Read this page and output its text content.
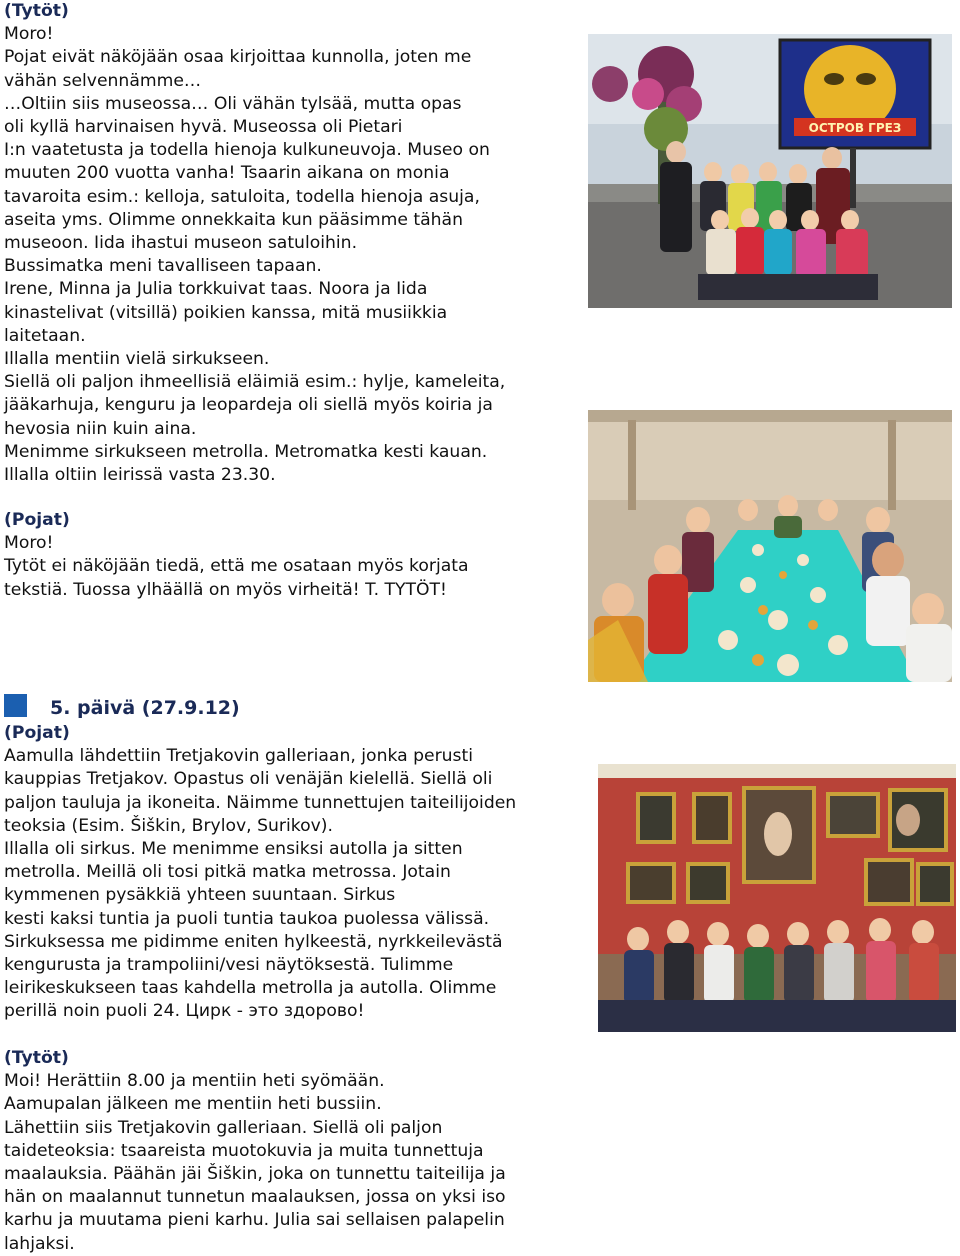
(Tytöt)

Moro!

Pojat eivät näköjään osaa kirjoittaa kunnolla, joten me

vähän selvennämme…

…Oltiin siis museossa… Oli vähän tylsää, mutta opas

oli kyllä harvinaisen hyvä. Museossa oli Pietari

I:n vaatetusta ja todella hienoja kulkuneuvoja. Museo on

muuten 200 vuotta vanha! Tsaarin aikana on monia

tavaroita esim.: kelloja, satuloita, todella hienoja asuja,

aseita yms. Olimme onnekkaita kun pääsimme tähän

museoon. Iida ihastui museon satuloihin.

Bussimatka meni tavalliseen tapaan.

Irene, Minna ja Julia torkkuivat taas. Noora ja Iida

kinastelivat (vitsillä) poikien kanssa, mitä musiikkia

laitetaan.

Illalla mentiin vielä sirkukseen.

Siellä oli paljon ihmeellisiä eläimiä esim.: hylje, kameleita,

jääkarhuja, kenguru ja leopardeja oli siellä myös koiria ja

hevosia niin kuin aina.

Menimme sirkukseen metrolla. Metromatka kesti kauan.

Illalla oltiin leirissä vasta 23.30.

(Pojat)

Moro!

Tytöt ei näköjään tiedä, että me osataan myös korjata

tekstiä. Tuossa ylhäällä on myös virheitä! T. TYTÖT!

5. päivä (27.9.12)

(Pojat)

Aamulla lähdettiin Tretjakovin galleriaan, jonka perusti

kauppias Tretjakov. Opastus oli venäjän kielellä. Siellä oli

paljon tauluja ja ikoneita. Näimme tunnettujen taiteilijoiden

teoksia (Esim. Šiškin, Brylov, Surikov).

Illalla oli sirkus. Me menimme ensiksi autolla ja sitten

metrolla. Meillä oli tosi pitkä matka metrossa. Jotain

kymmenen pysäkkiä yhteen suuntaan. Sirkus

kesti kaksi tuntia ja puoli tuntia taukoa puolessa välissä.

Sirkuksessa me pidimme eniten hylkeestä, nyrkkeilevästä

kengurusta ja trampoliini/vesi näytöksestä. Tulimme

leirikeskukseen taas kahdella metrolla ja autolla. Olimme

perillä noin puoli 24. Цирк - это здорово!

(Tytöt)

Moi! Herättiin 8.00 ja mentiin heti syömään.

Aamupalan jälkeen me mentiin heti bussiin.

Lähettiin siis Tretjakovin galleriaan. Siellä oli paljon

taideteoksia: tsaareista muotokuvia ja muita tunnettuja

maalauksia. Päähän jäi Šiškin, joka on tunnettu taiteilija ja

hän on maalannut tunnetun maalauksen, jossa on yksi iso

karhu ja muutama pieni karhu. Julia sai sellaisen palapelin

lahjaksi.

ОСТРОВ ГРЕЗ
